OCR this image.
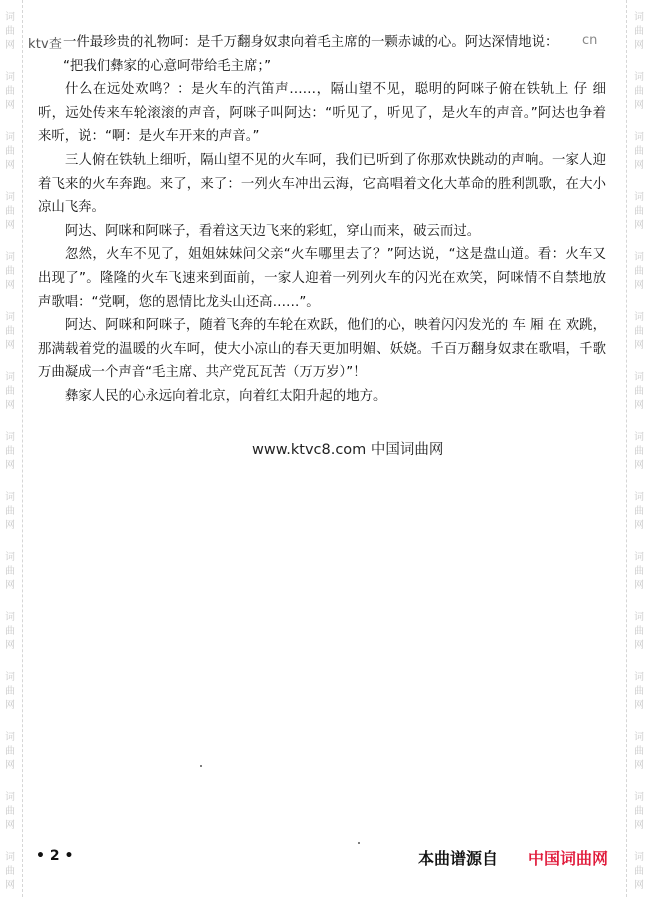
词
曲
网
词
曲
网
词
曲
网
词
曲
网
词
曲
网
词
曲
网
词
曲
网
词
曲
网
词
曲
网
词
曲
网
词
曲
网
词
曲
网
词
曲
网
词
曲
网
词
曲
网
词
曲
网
词
曲
网
词
曲
网
词
曲
网
词
曲
网
词
曲
网
词
曲
网
词
曲
网
词
曲
网
词
曲
网
词
曲
网
词
曲
网
词
曲
网
词
曲
网
词
曲
网
ktv查	cn

一件最珍贵的礼物呵：是千万翻身奴隶向着毛主席的一颗赤诚的心。阿达深情地说：

“把我们彝家的心意呵带给毛主席；”

什么在远处欢鸣？：是火车的汽笛声……，隔山望不见，聪明的阿咪子俯在铁轨上 仔 细听，远处传来车轮滚滚的声音，阿咪子叫阿达：“听见了，听见了，是火车的声音。”阿达也争着来听，说：“啊：是火车开来的声音。”

三人俯在铁轨上细听，隔山望不见的火车呵，我们已听到了你那欢快跳动的声响。一家人迎着飞来的火车奔跑。来了，来了：一列火车冲出云海，它高唱着文化大革命的胜利凯歌，在大小凉山飞奔。

阿达、阿咪和阿咪子，看着这天边飞来的彩虹，穿山而来，破云而过。

忽然，火车不见了，姐姐妹妹问父亲“火车哪里去了？”阿达说，“这是盘山道。看：火车又出现了”。隆隆的火车飞速来到面前，一家人迎着一列列火车的闪光在欢笑，阿咪情不自禁地放声歌唱：“党啊，您的恩情比龙头山还高……”。

阿达、阿咪和阿咪子，随着飞奔的车轮在欢跃，他们的心，映着闪闪发光的 车 厢 在 欢跳，那满载着党的温暖的火车呵，使大小凉山的春天更加明媚、妖娆。千百万翻身奴隶在歌唱，千歌万曲凝成一个声音“毛主席、共产党瓦瓦苦（万万岁）”！

彝家人民的心永远向着北京，向着红太阳升起的地方。

www.ktvc8.com 中国词曲网
• 2 •	本曲谱源自 中国词曲网
